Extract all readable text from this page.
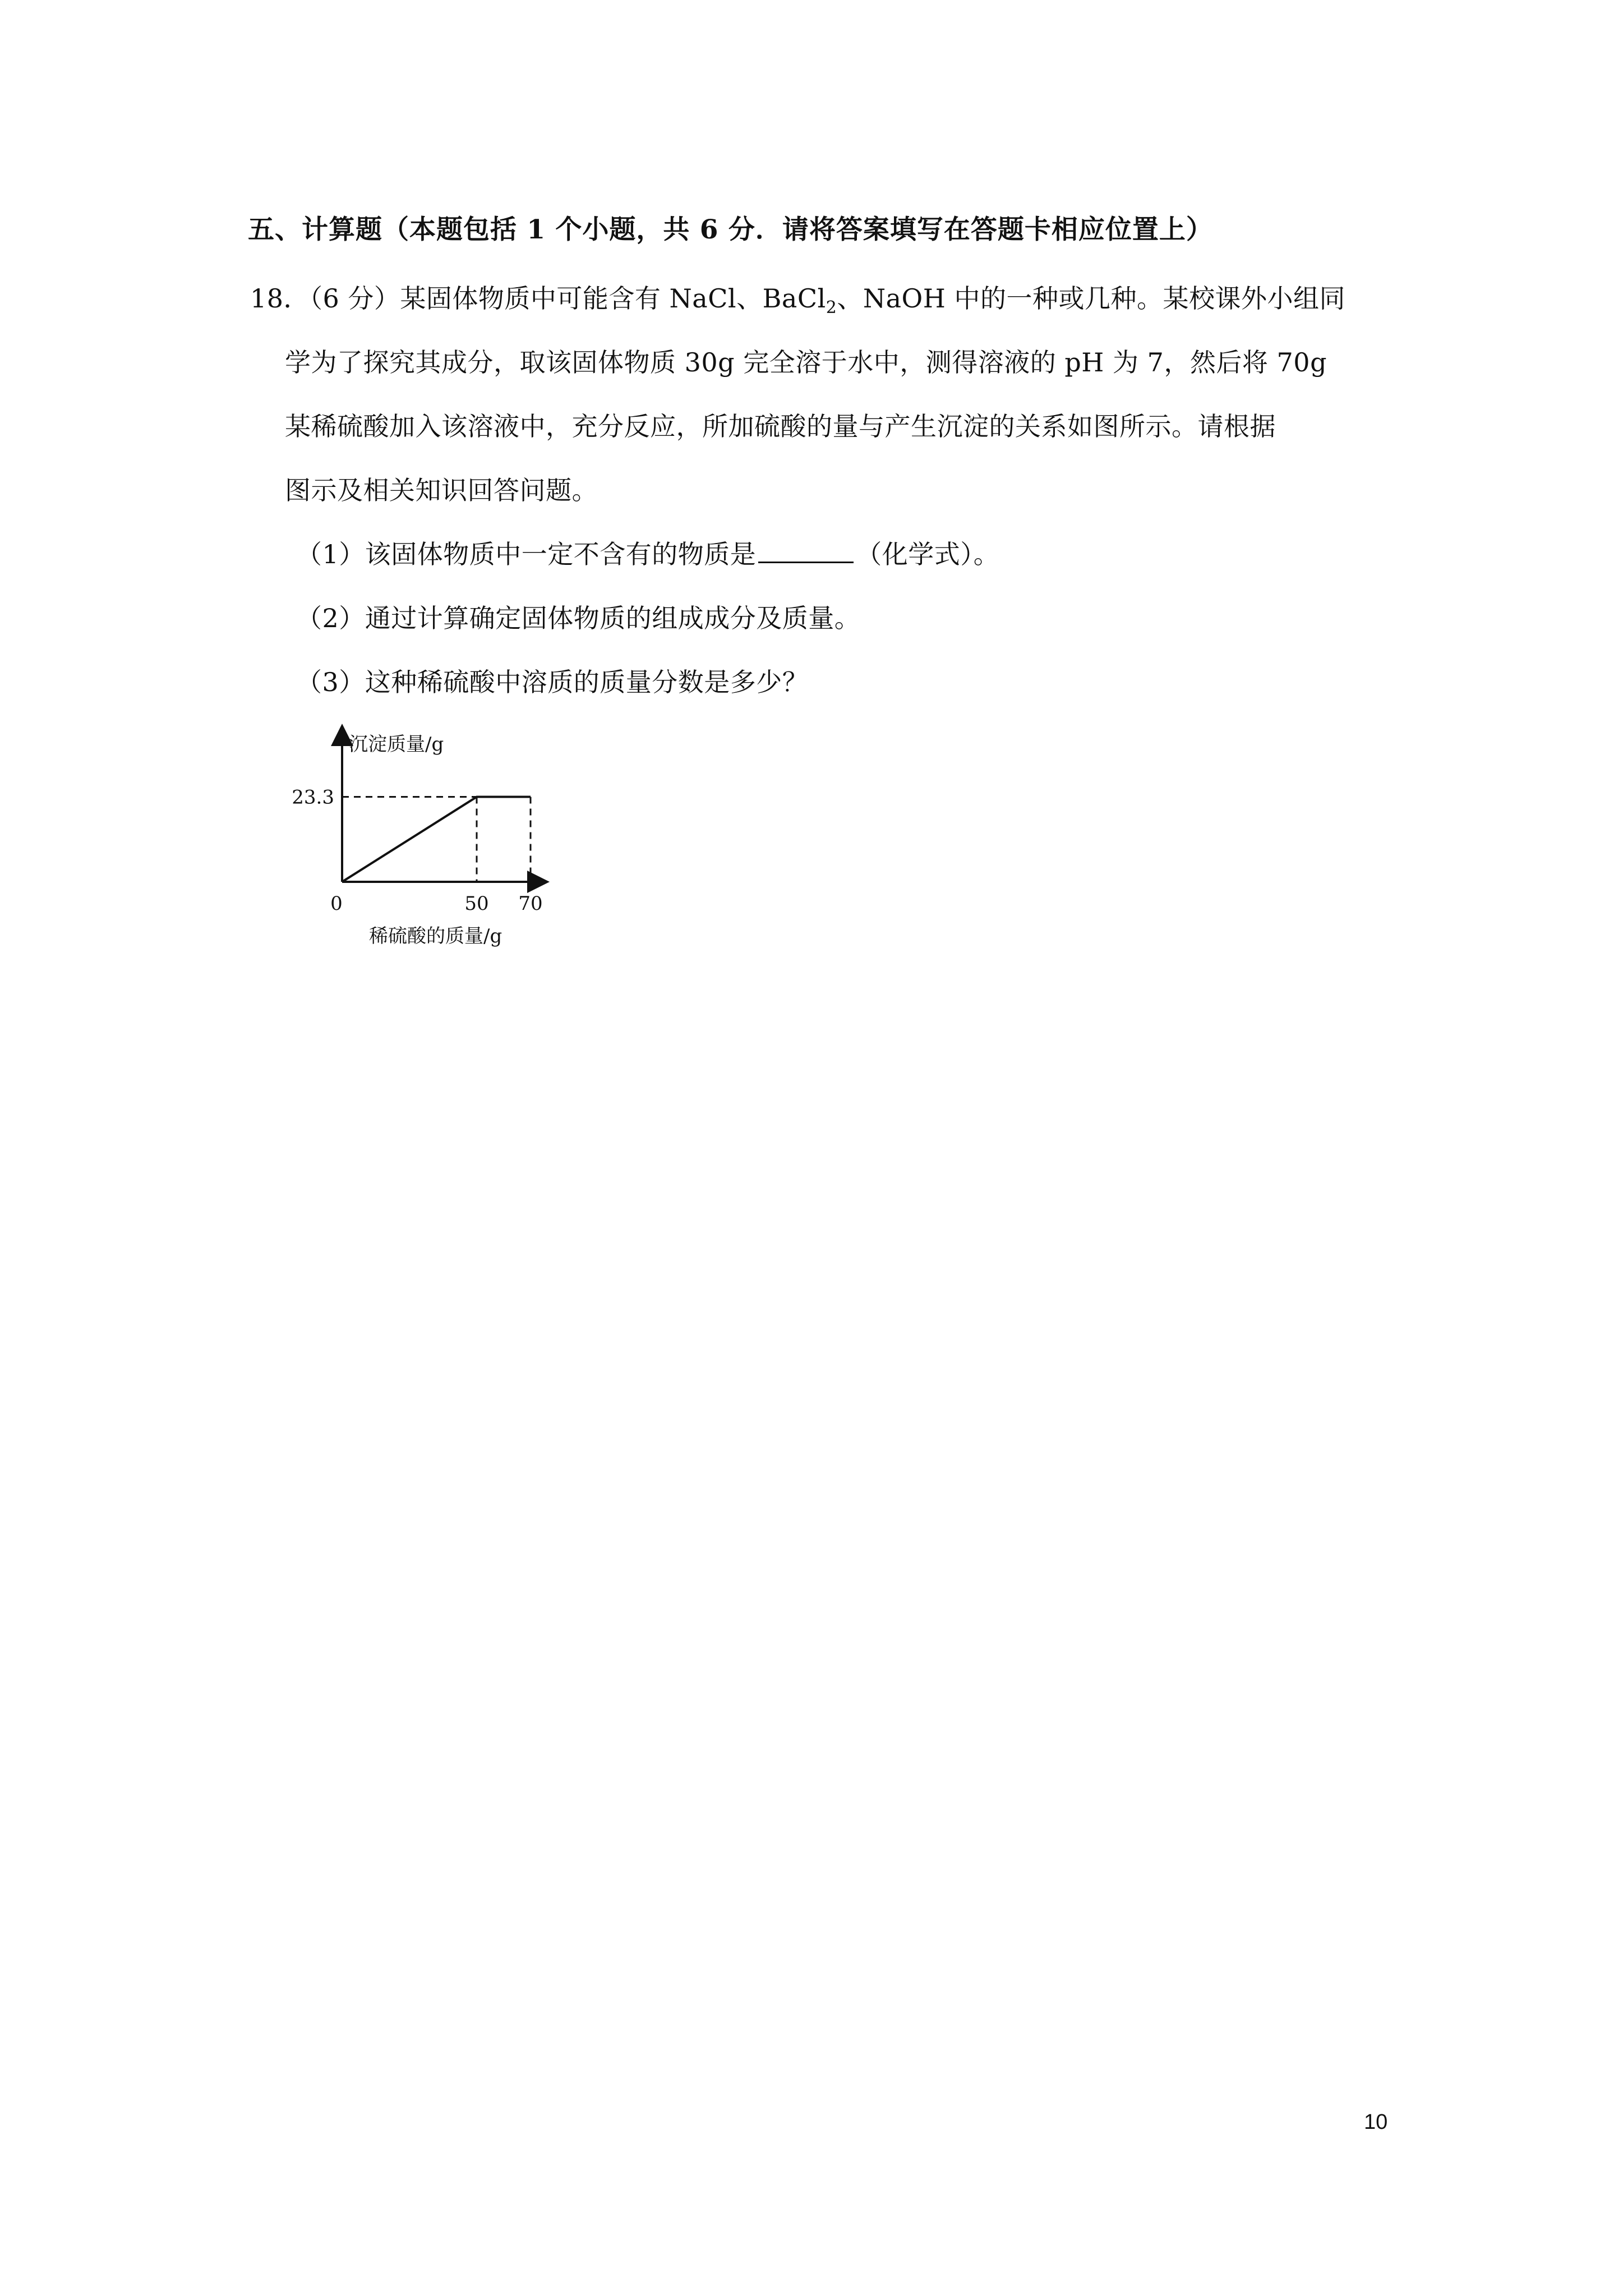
五、计算题（本题包括 1 个小题，共 6 分．请将答案填写在答题卡相应位置上）
18．（6 分）某固体物质中可能含有 NaCl、BaCl$_2$、NaOH 中的一种或几种。某校课外小组同
学为了探究其成分，取该固体物质 30g 完全溶于水中，测得溶液的 pH 为 7，然后将 70g
某稀硫酸加入该溶液中，充分反应，所加硫酸的量与产生沉淀的关系如图所示。请根据
图示及相关知识回答问题。
（1）该固体物质中一定不含有的物质是	（化学式）。
（2）通过计算确定固体物质的组成成分及质量。
（3）这种稀硫酸中溶质的质量分数是多少？
沉淀质量/g
稀硫酸的质量/g
0	50 70
23.3
10
